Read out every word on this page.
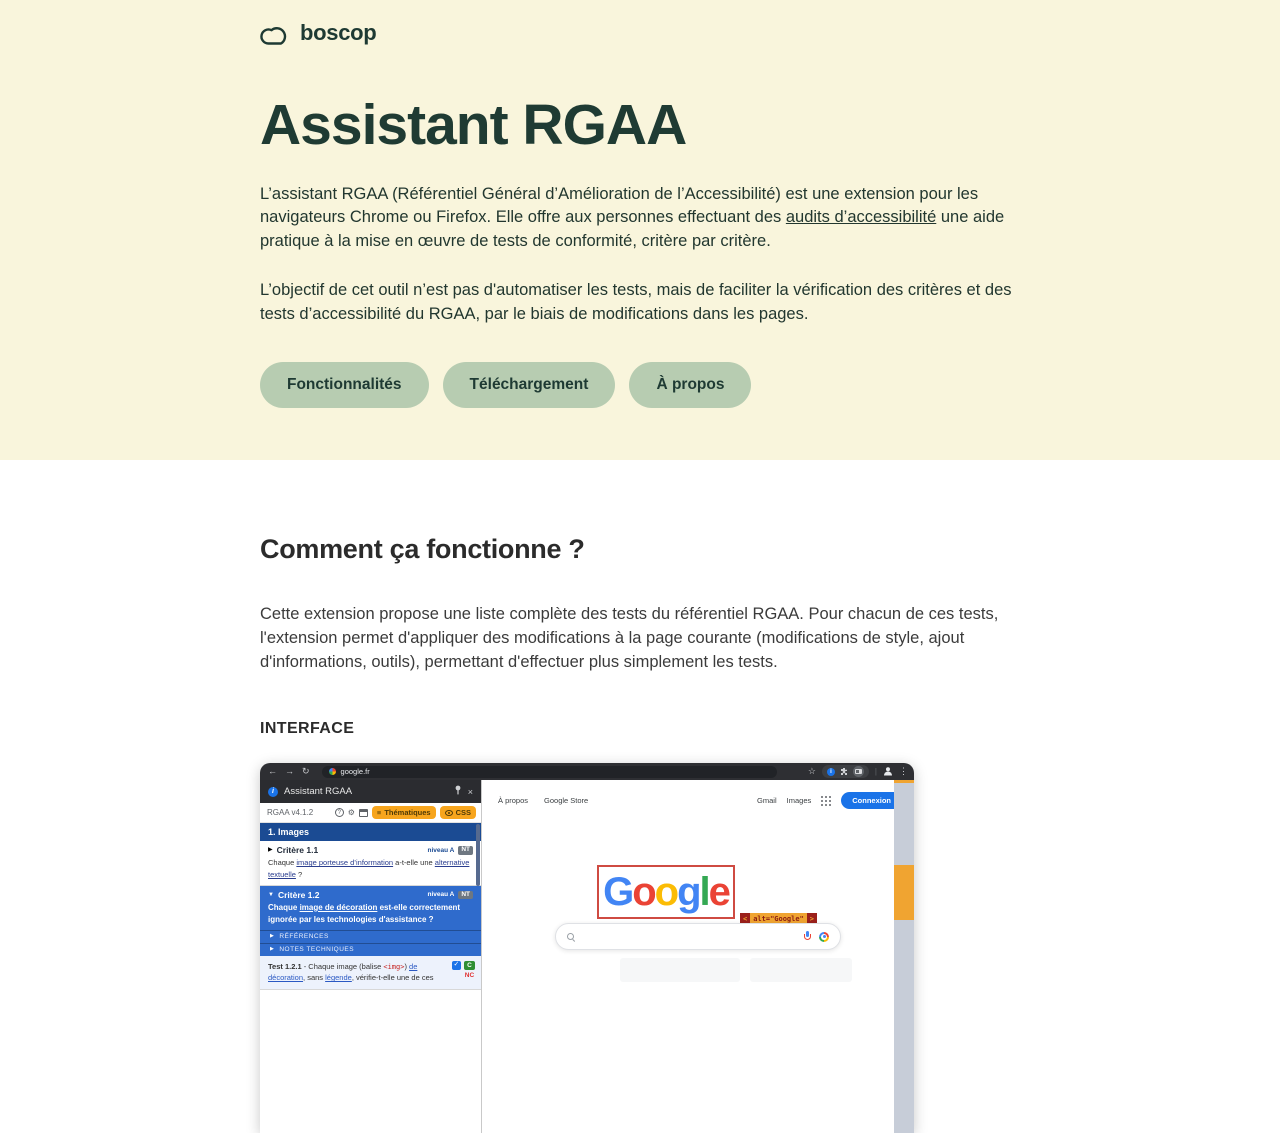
boscop
Assistant RGAA

L’assistant RGAA (Référentiel Général d’Amélioration de l’Accessibilité) est une extension pour les navigateurs Chrome ou Firefox. Elle offre aux personnes effectuant des audits d’accessibilité une aide pratique à la mise en œuvre de tests de conformité, critère par critère.

L’objectif de cet outil n’est pas d'automatiser les tests, mais de faciliter la vérification des critères et des tests d’accessibilité du RGAA, par le biais de modifications dans les pages.

Fonctionnalités	Téléchargement	À propos
Comment ça fonctionne ?

Cette extension propose une liste complète des tests du référentiel RGAA. Pour chacun de ces tests, l'extension permet d'appliquer des modifications à la page courante (modifications de style, ajout d'informations, outils), permettant d'effectuer plus simplement les tests.

INTERFACE
← → ↻	google.fr	☆	i	| ⋮
i	Assistant RGAA	×
RGAA v4.1.2	? ⚙	≡ Thématiques	CSS
1. Images
▶ Critère 1.1	niveau A	NT
Chaque image porteuse d’information a-t-elle une alternative textuelle ?
▼ Critère 1.2	niveau A	NT
Chaque image de décoration est-elle correctement ignorée par les technologies d'assistance ?
▶ RÉFÉRENCES
▶ NOTES TECHNIQUES
Test 1.2.1 - Chaque image (balise <img>) de décoration, sans légende, vérifie-t-elle une de ces
✓
C
NC
À propos Google Store	Gmail Images	Connexion
Google
< alt="Google" >
